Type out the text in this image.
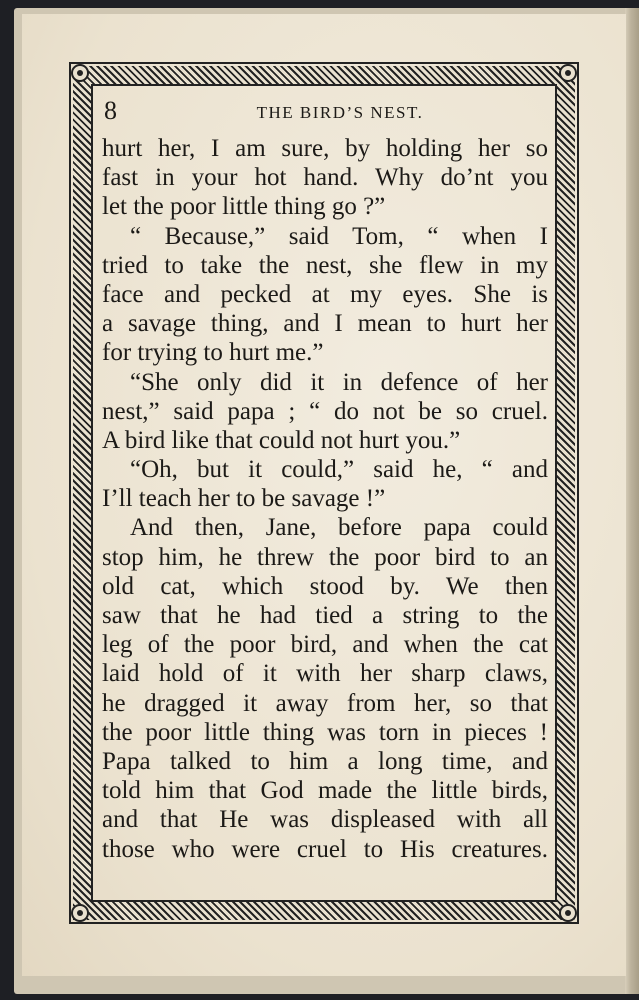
8	THE BIRD’S NEST.
hurt her, I am sure, by holding her so
fast in your hot hand. Why do’nt you
let the poor little thing go ?”
“ Because,” said Tom, “ when I
tried to take the nest, she flew in my
face and pecked at my eyes. She is
a savage thing, and I mean to hurt her
for trying to hurt me.”
“She only did it in defence of her
nest,” said papa ; “ do not be so cruel.
A bird like that could not hurt you.”
“Oh, but it could,” said he, “ and
I’ll teach her to be savage !”
And then, Jane, before papa could
stop him, he threw the poor bird to an
old cat, which stood by. We then
saw that he had tied a string to the
leg of the poor bird, and when the cat
laid hold of it with her sharp claws,
he dragged it away from her, so that
the poor little thing was torn in pieces !
Papa talked to him a long time, and
told him that God made the little birds,
and that He was displeased with all
those who were cruel to His creatures.
